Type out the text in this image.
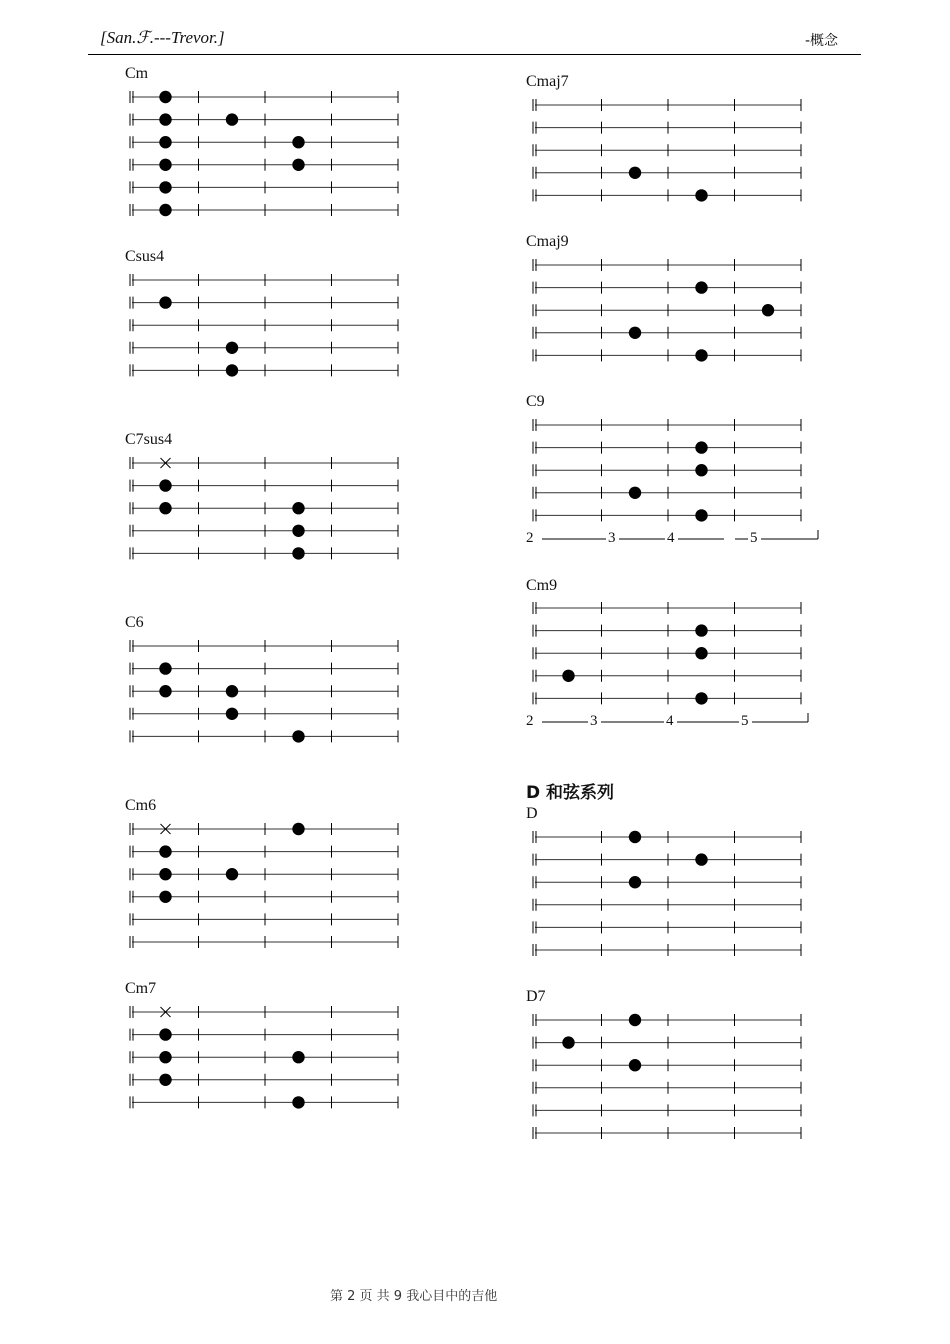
[San.ℱ.---Trevor.]	-概念
Cm
Csus4
C7sus4
C6
Cm6
Cm7
Cmaj7
Cmaj9
C9
Cm9
D 和弦系列
D
D7
2	3	4	5
2	3	4	5
第 2 页 共 9 我心目中的吉他
